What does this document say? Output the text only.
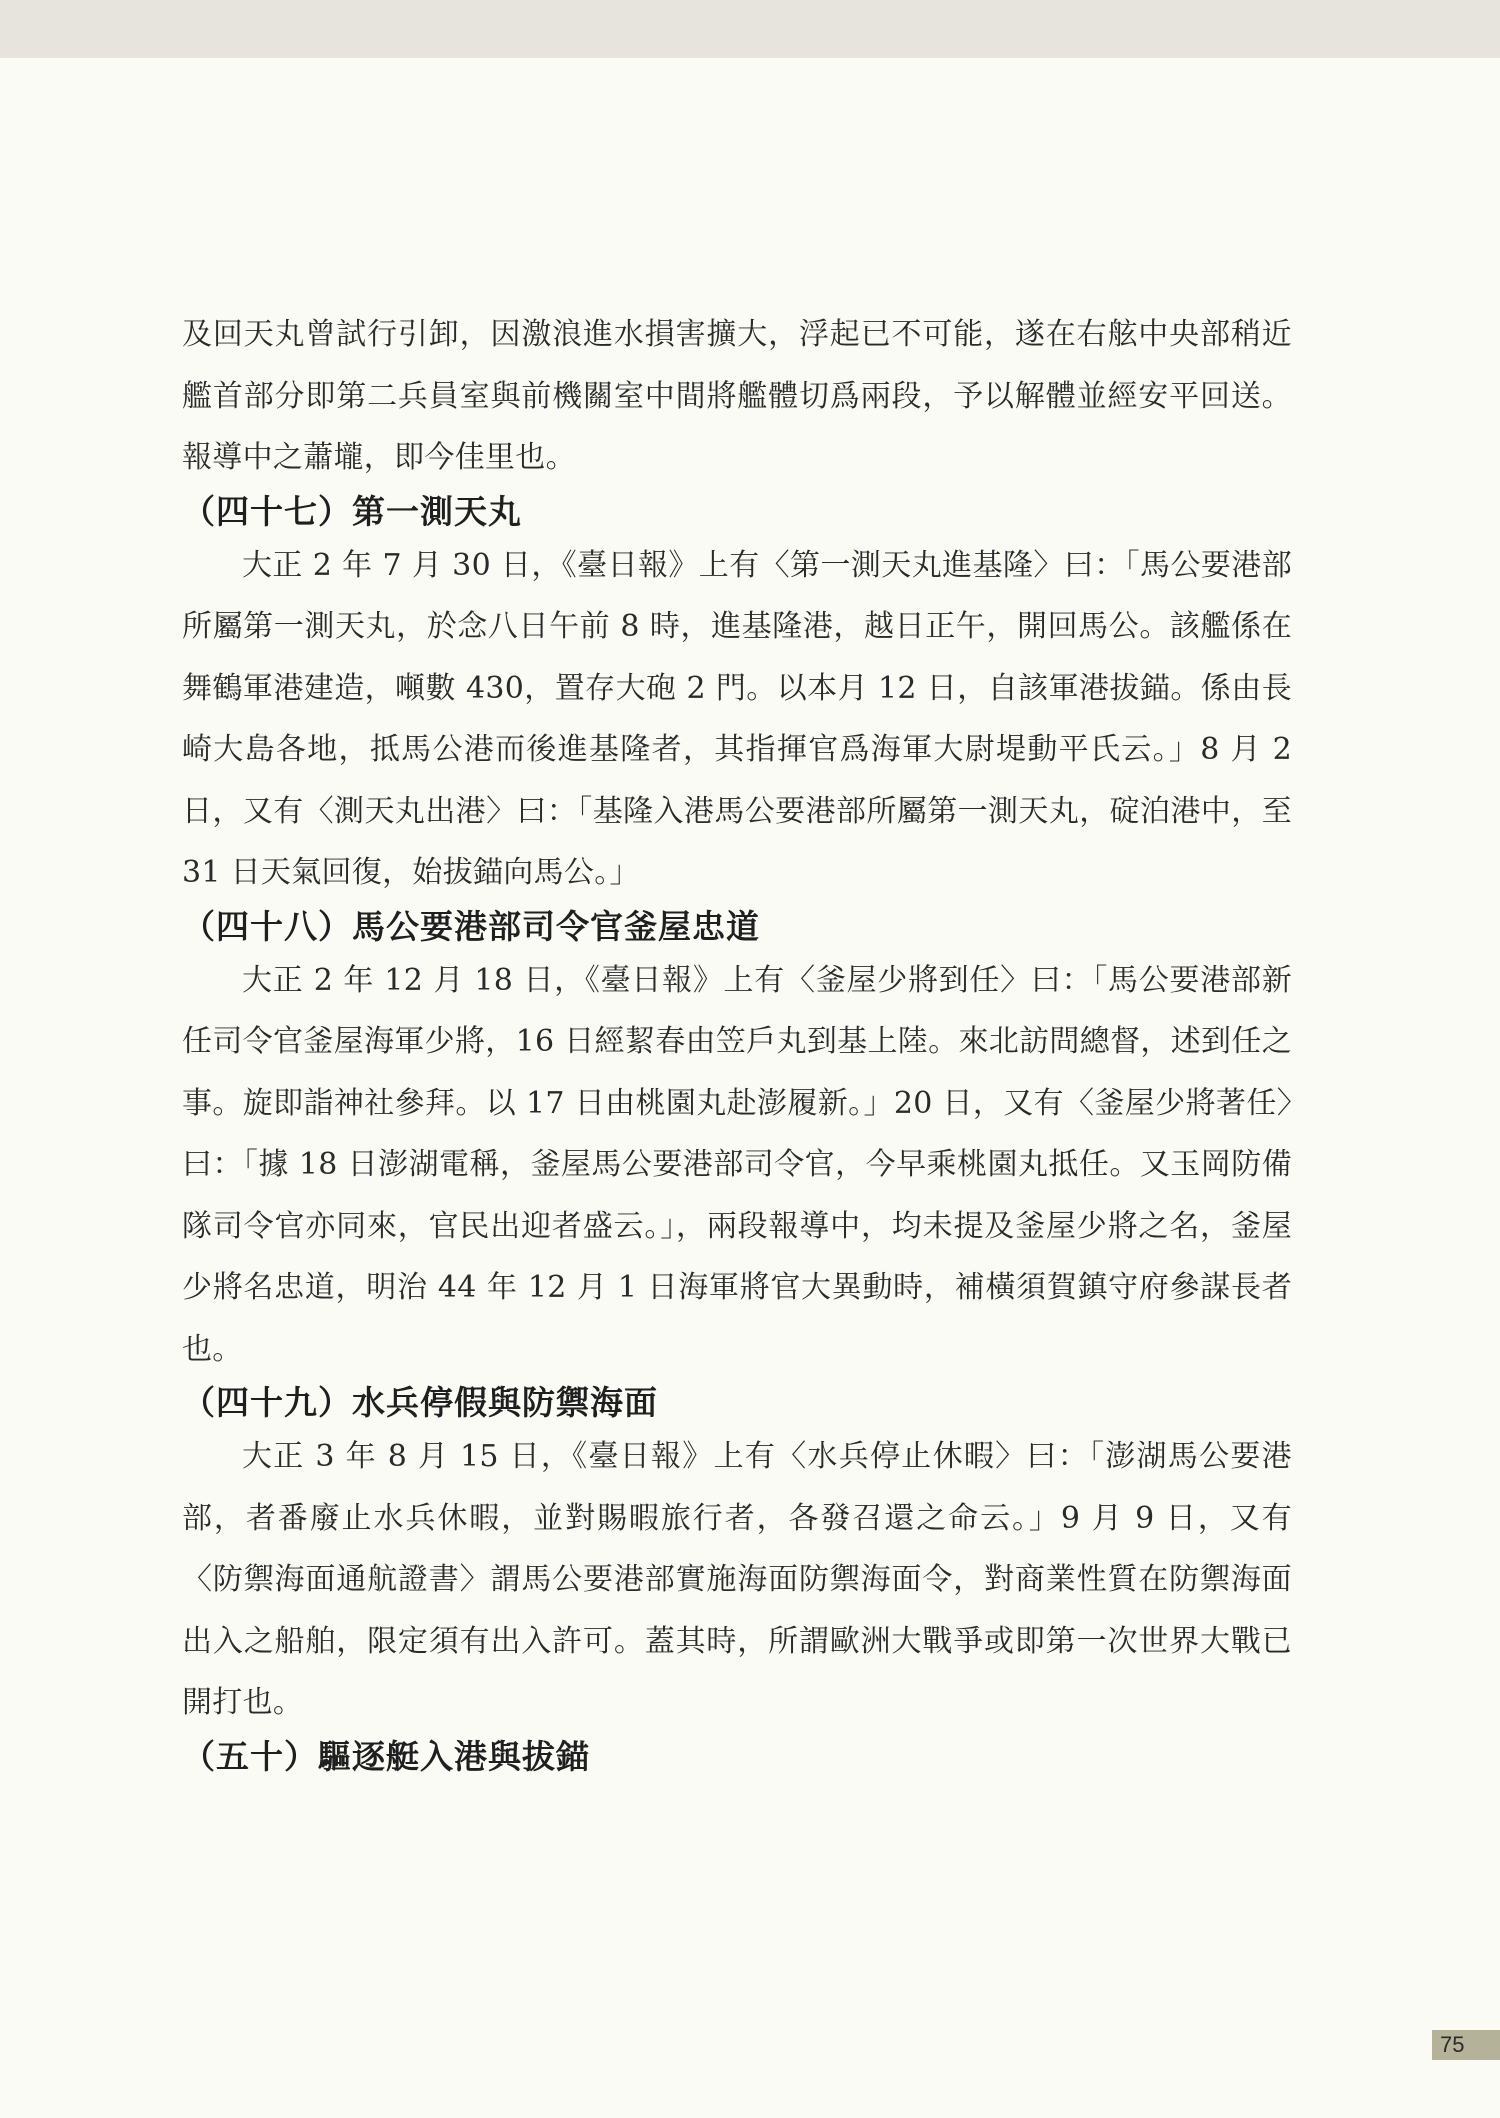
及回天丸曾試行引卸，因激浪進水損害擴大，浮起已不可能，遂在右舷中央部稍近艦首部分即第二兵員室與前機關室中間將艦體切爲兩段，予以解體並經安平回送。報導中之蕭壠，即今佳里也。

（四十七）第一測天丸

大正 2 年 7 月 30 日，《臺日報》上有〈第一測天丸進基隆〉曰：「馬公要港部所屬第一測天丸，於念八日午前 8 時，進基隆港，越日正午，開回馬公。該艦係在舞鶴軍港建造，噸數 430，置存大砲 2 門。以本月 12 日，自該軍港拔錨。係由長崎大島各地，抵馬公港而後進基隆者，其指揮官爲海軍大尉堤動平氏云。」8 月 2 日，又有〈測天丸出港〉曰：「基隆入港馬公要港部所屬第一測天丸，碇泊港中，至 31 日天氣回復，始拔錨向馬公。」

（四十八）馬公要港部司令官釜屋忠道

大正 2 年 12 月 18 日，《臺日報》上有〈釜屋少將到任〉曰：「馬公要港部新任司令官釜屋海軍少將，16 日經絜春由笠戶丸到基上陸。來北訪問總督，述到任之事。旋即詣神社參拜。以 17 日由桃園丸赴澎履新。」20 日，又有〈釜屋少將著任〉曰：「據 18 日澎湖電稱，釜屋馬公要港部司令官，今早乘桃園丸抵任。又玉岡防備隊司令官亦同來，官民出迎者盛云。」，兩段報導中，均未提及釜屋少將之名，釜屋少將名忠道，明治 44 年 12 月 1 日海軍將官大異動時，補橫須賀鎮守府參謀長者也。

（四十九）水兵停假與防禦海面

大正 3 年 8 月 15 日，《臺日報》上有〈水兵停止休暇〉曰：「澎湖馬公要港部，者番廢止水兵休暇，並對賜暇旅行者，各發召還之命云。」9 月 9 日，又有〈防禦海面通航證書〉謂馬公要港部實施海面防禦海面令，對商業性質在防禦海面出入之船舶，限定須有出入許可。蓋其時，所謂歐洲大戰爭或即第一次世界大戰已開打也。

（五十）驅逐艇入港與拔錨
75
